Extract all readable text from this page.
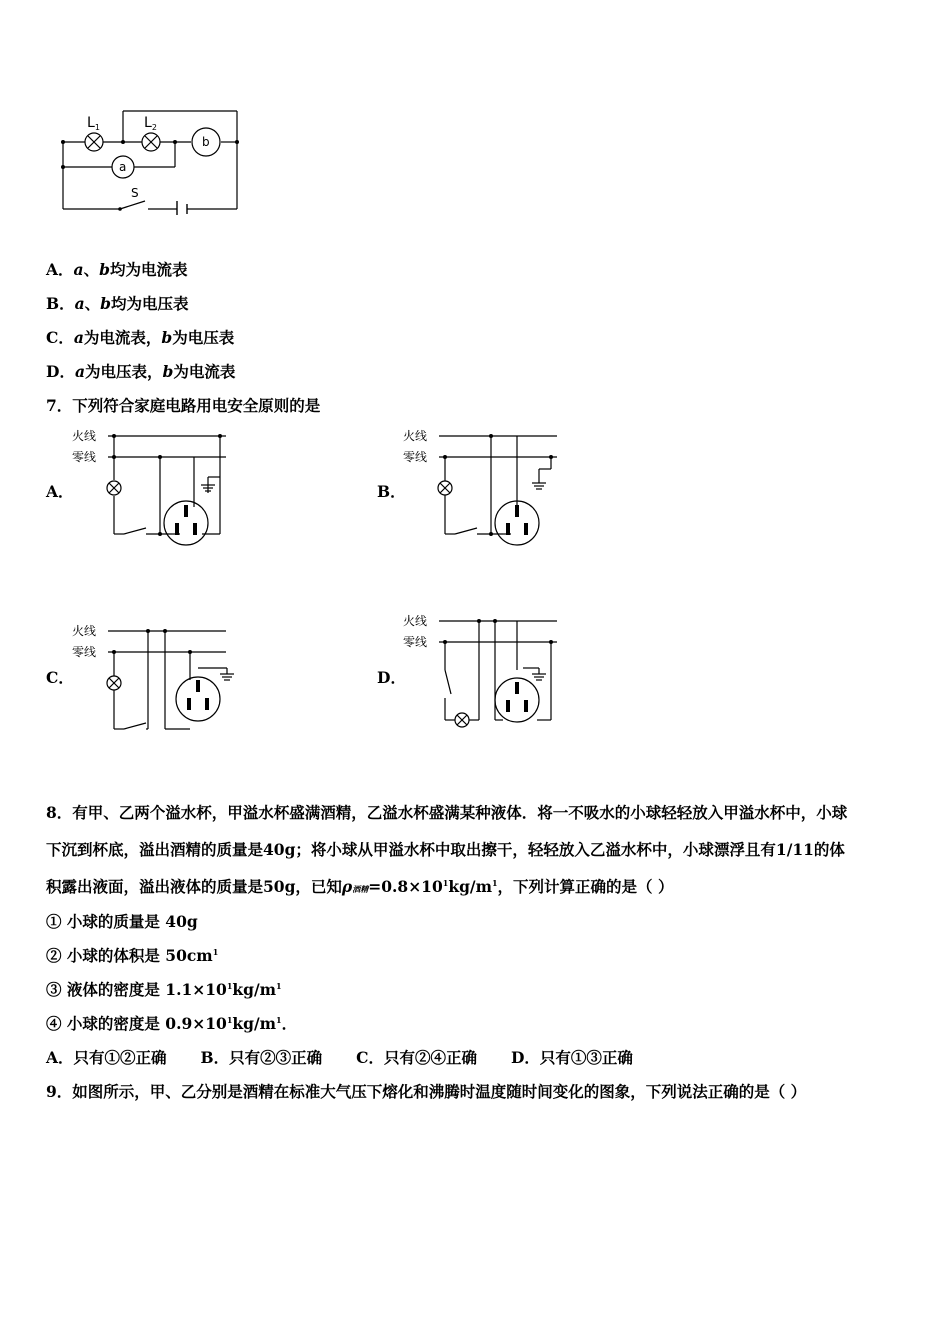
$L_1$	$L_2$
b
a
S
A．a、b均为电流表
B．a、b均为电压表
C．a为电流表，b为电压表
D．a为电压表，b为电流表
7．下列符合家庭电路用电安全原则的是
A．	B．
C．	D．
火线
零线
火线
零线
火线
零线
火线
零线
8．有甲、乙两个溢水杯，甲溢水杯盛满酒精，乙溢水杯盛满某种液体．将一不吸水的小球轻轻放入甲溢水杯中，小球
下沉到杯底，溢出酒精的质量是40g；将小球从甲溢水杯中取出擦干，轻轻放入乙溢水杯中，小球漂浮且有1/11的体
积露出液面，溢出液体的质量是50g，已知ρ酒精$=0.8\times 10^1kg/m^1$，下列计算正确的是（ ）
① 小球的质量是 40g
② 小球的体积是 $50cm^1$
③ 液体的密度是 $1.1\times 10^1kg/m^1$
④ 小球的密度是 $0.9\times 10^1kg/m^1$．
A．只有①②正确 B．只有②③正确 C．只有②④正确 D．只有①③正确
9．如图所示，甲、乙分别是酒精在标准大气压下熔化和沸腾时温度随时间变化的图象，下列说法正确的是（ ）
